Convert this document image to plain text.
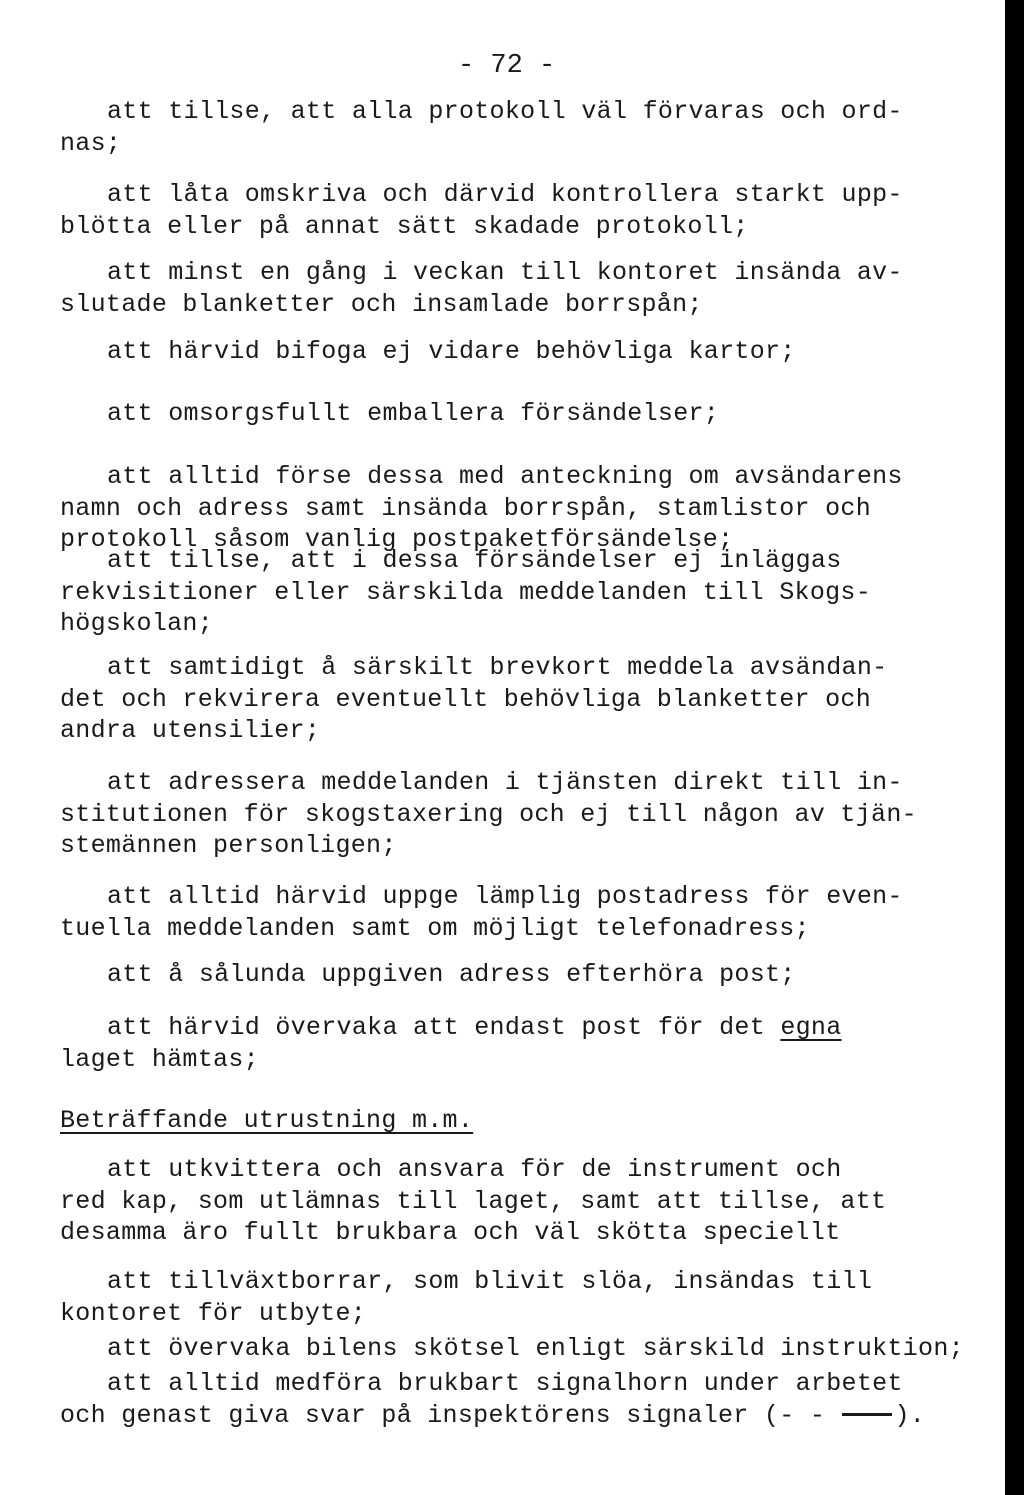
- 72 -
att tillse, att alla protokoll väl förvaras och ord-
nas;
att låta omskriva och därvid kontrollera starkt upp-
blötta eller på annat sätt skadade protokoll;
att minst en gång i veckan till kontoret insända av-
slutade blanketter och insamlade borrspån;
att härvid bifoga ej vidare behövliga kartor;
att omsorgsfullt emballera försändelser;
att alltid förse dessa med anteckning om avsändarens
namn och adress samt insända borrspån, stamlistor och
protokoll såsom vanlig postpaketförsändelse;
att tillse, att i dessa försändelser ej inläggas
rekvisitioner eller särskilda meddelanden till Skogs-
högskolan;
att samtidigt å särskilt brevkort meddela avsändan-
det och rekvirera eventuellt behövliga blanketter och
andra utensilier;
att adressera meddelanden i tjänsten direkt till in-
stitutionen för skogstaxering och ej till någon av tjän-
stemännen personligen;
att alltid härvid uppge lämplig postadress för even-
tuella meddelanden samt om möjligt telefonadress;
att å sålunda uppgiven adress efterhöra post;
att härvid övervaka att endast post för det egna
laget hämtas;
Beträffande utrustning m.m.
att utkvittera och ansvara för de instrument och
red kap, som utlämnas till laget, samt att tillse, att
desamma äro fullt brukbara och väl skötta speciellt
att tillväxtborrar, som blivit slöa, insändas till
kontoret för utbyte;
att övervaka bilens skötsel enligt särskild instruktion;
att alltid medföra brukbart signalhorn under arbetet
och genast giva svar på inspektörens signaler (- -	).
